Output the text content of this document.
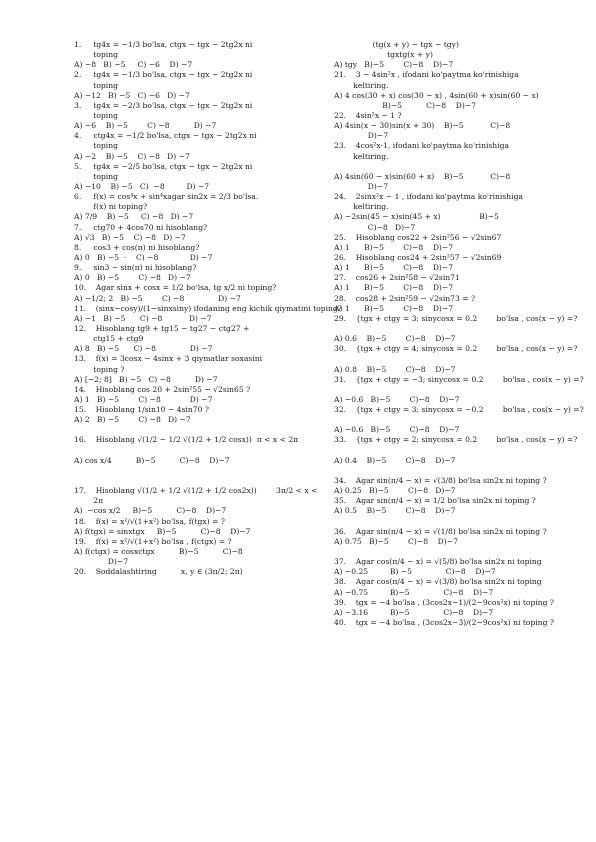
1.     tg4x = −1/3 bo'lsa, ctgx − tgx − 2tg2x ni
toping
A) −8   B) −5     C) −6    D) −7
2.     tg4x = −1/3 bo'lsa, ctgx − tgx − 2tg2x ni
toping
A) −12   B) −5   C) −6   D) −7
3.     tg4x = −2/3 bo'lsa, ctgx − tgx − 2tg2x ni
toping
A) −6    B) −5        C) −8          D) −7
4.     ctg4x = −1/2 bo'lsa, ctgx − tgx − 2tg2x ni
toping
A) −2    B) −5    C) −8   D) −7
5.     tg4x = −2/5 bo'lsa, ctgx − tgx − 2tg2x ni
toping
A) −10    B) −5   C)  −8         D) −7
6.     f(x) = cos⁴x + sin⁴xagar sin2x = 2/3 bo'lsa.
f(x) ni toping?
A) 7/9    B) −5     C) −8   D) −7
7.     ctg70 + 4cos70 ni hisoblang?
A) √3   B) −5    C) −8   D) −7
8.     cos3 + cos(π) ni hisoblang?
A) 0   B) −5  ·    C) −8             D) −7
9.     sin3 − sin(π) ni hisoblang?
A) 0   B) −5        C) −8   D) −7
10.    Agar sinx + cosx = 1/2 bo'lsa, tg x/2 ni toping?
A) −1/2; 2   B) −5        C) −8              D) −7
11.    (sinx−cosy)/(1−sinxsiny) ifodaning eng kichik qiymatini toping?
A) −1   B) −5      C) −8           D) −7
12.    Hisoblang tg9 + tg15 − tg27 − ctg27 +
ctg15 + ctg9
A) 8   B) −5      C) −8              D) −7
13.    f(x) = 3cosx − 4sinx + 3 qiymatlar soxasini
toping ?
A) [−2; 8]   B) −5   C) −8          D) −7
14.    Hisoblang cos 20 + 2sin²55 − √2sin65 ?
A) 1   B) −5        C) −8            D) −7
15.    Hisoblang 1/sin10 − 4sin70 ?
A) 2   B) −5        C) −8   D) −7
16.    Hisoblang √(1/2 − 1/2 √(1/2 + 1/2 cosx))  π < x < 2π
A) cos x/4          B)−5          C)−8    D)−7
17.    Hisoblang √(1/2 + 1/2 √(1/2 + 1/2 cos2x))        3π/2 < x <
2π
A)  −cos x/2     B)−5          C)−8    D)−7
18.    f(x) = x²/√(1+x²) bo'lsa, f(tgx) = ?
A) f(tgx) = sinxtgx     B)−5          C)−8    D)−7
19.    f(x) = x²/√(1+x²) bo'lsa , f(ctgx) = ?
A) f(ctgx) = cosxctgx          B)−5          C)−8
D)−7
20.    Soddalashtiring          x, y ∈ (3π/2; 2π)
(tg(x + y) − tgx − tgy)
tgxtg(x + y)
A) tgy   B)−5        C)−8    D)−7
21.    3 − 4sin²x , ifodani ko'paytma ko'rinishiga
keltiring.
A) 4 cos(30 + x) cos(30 − x) , 4sin(60 + x)sin(60 − x)
B)−5          C)−8    D)−7
22.    4sin²x − 1 ?
A) 4sin(x − 30)sin(x + 30)    B)−5           C)−8
D)−7
23.    4cos²x-1, ifodani ko'paytma ko'rinishiga
keltiring.
A) 4sin(60 − x)sin(60 + x)    B)−5           C)−8
D)−7
24.    2sinx²x − 1 , ifodani ko'paytma ko'rinishiga
keltiring.
A) −2sin(45 − x)sin(45 + x)                B)−5
C)−8   D)−7
25.    Hisoblang cos22 + 2sin²56 − √2sin67
A) 1      B)−5        C)−8    D)−7
26.    Hisoblang cos24 + 2sin²57 − √2sin69
A) 1      B)−5        C)−8    D)−7
27.    cos26 + 2sin²58 − √2sin71
A) 1      B)−5        C)−8    D)−7
28.    cos28 + 2sin²59 − √2sin73 = ?
A) 1      B)−5        C)−8    D)−7
29.    {tgx + ctgy = 3; sinycosx = 0.2        bo'lsa , cos(x − y) =?
A) 0.6    B)−5        C)−8    D)−7
30.    {tgx + ctgy = 4; sinycosx = 0.2        bo'lsa , cos(x − y) =?
A) 0.8    B)−5        C)−8    D)−7
31.    {tgx + ctgy = −3; sinycosx = 0.2        bo'lsa , cos(x − y) =?
A) −0.6   B)−5        C)−8    D)−7
32.    {tgx + ctgy = 3; sinycosx = −0.2        bo'lsa , cos(x − y) =?
A) −0.6   B)−5        C)−8    D)−7
33.    {tgx + ctgy = 2; sinycosx = 0.2        bo'lsa , cos(x − y) =?
A) 0.4    B)−5        C)−8    D)−7
34.    Agar sin(π/4 − x) = √(3/8) bo'lsa sin2x ni toping ?
A) 0.25   B)−5        C)−8   D)−7
35.    Agar sin(π/4 − x) = 1/2 bo'lsa sin2x ni toping ?
A) 0.5    B)−5        C)−8    D)−7
36.    Agar sin(π/4 − x) = √(1/8) bo'lsa sin2x ni toping ?
A) 0.75   B)−5        C)−8    D)−7
37.    Agar cos(π/4 − x) = √(5/8) bo'lsa sin2x ni toping
A) −0.25         B) −5              C)−8    D)−7
38.    Agar cos(π/4 − x) = √(3/8) bo'lsa sin2x ni toping
A) −0.75         B)−5              C)−8    D)−7
39.    tgx = −4 bo'lsa , (3cos2x−1)/(2−9cos²x) ni toping ?
A) −3.16         B)−5              C)−8    D)−7
40.    tgx = −4 bo'lsa , (3cos2x−3)/(2−9cos²x) ni toping ?
